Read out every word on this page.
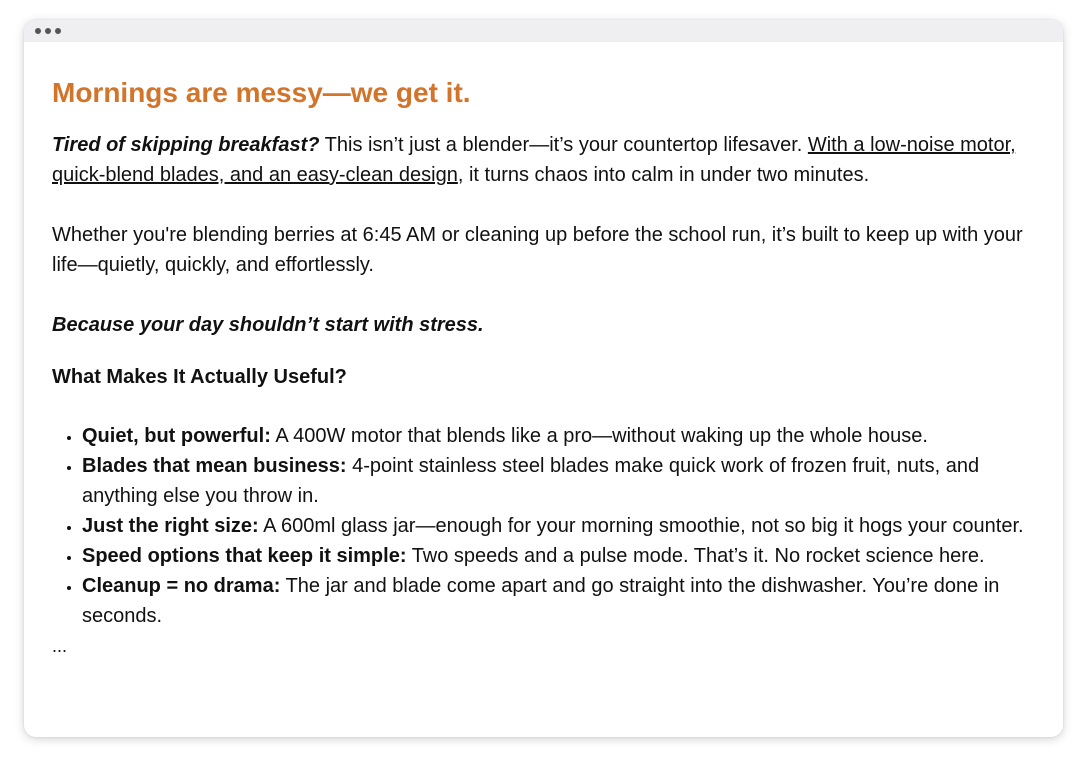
Mornings are messy—we get it.

Tired of skipping breakfast? This isn’t just a blender—it’s your countertop lifesaver. With a low-noise motor, quick-blend blades, and an easy-clean design, it turns chaos into calm in under two minutes.

Whether you're blending berries at 6:45 AM or cleaning up before the school run, it’s built to keep up with your life—quietly, quickly, and effortlessly.

Because your day shouldn’t start with stress.

What Makes It Actually Useful?
• Quiet, but powerful: A 400W motor that blends like a pro—without waking up the whole house.
• Blades that mean business: 4-point stainless steel blades make quick work of frozen fruit, nuts, and anything else you throw in.
• Just the right size: A 600ml glass jar—enough for your morning smoothie, not so big it hogs your counter.
• Speed options that keep it simple: Two speeds and a pulse mode. That’s it. No rocket science here.
• Cleanup = no drama: The jar and blade come apart and go straight into the dishwasher. You’re done in seconds.
...
